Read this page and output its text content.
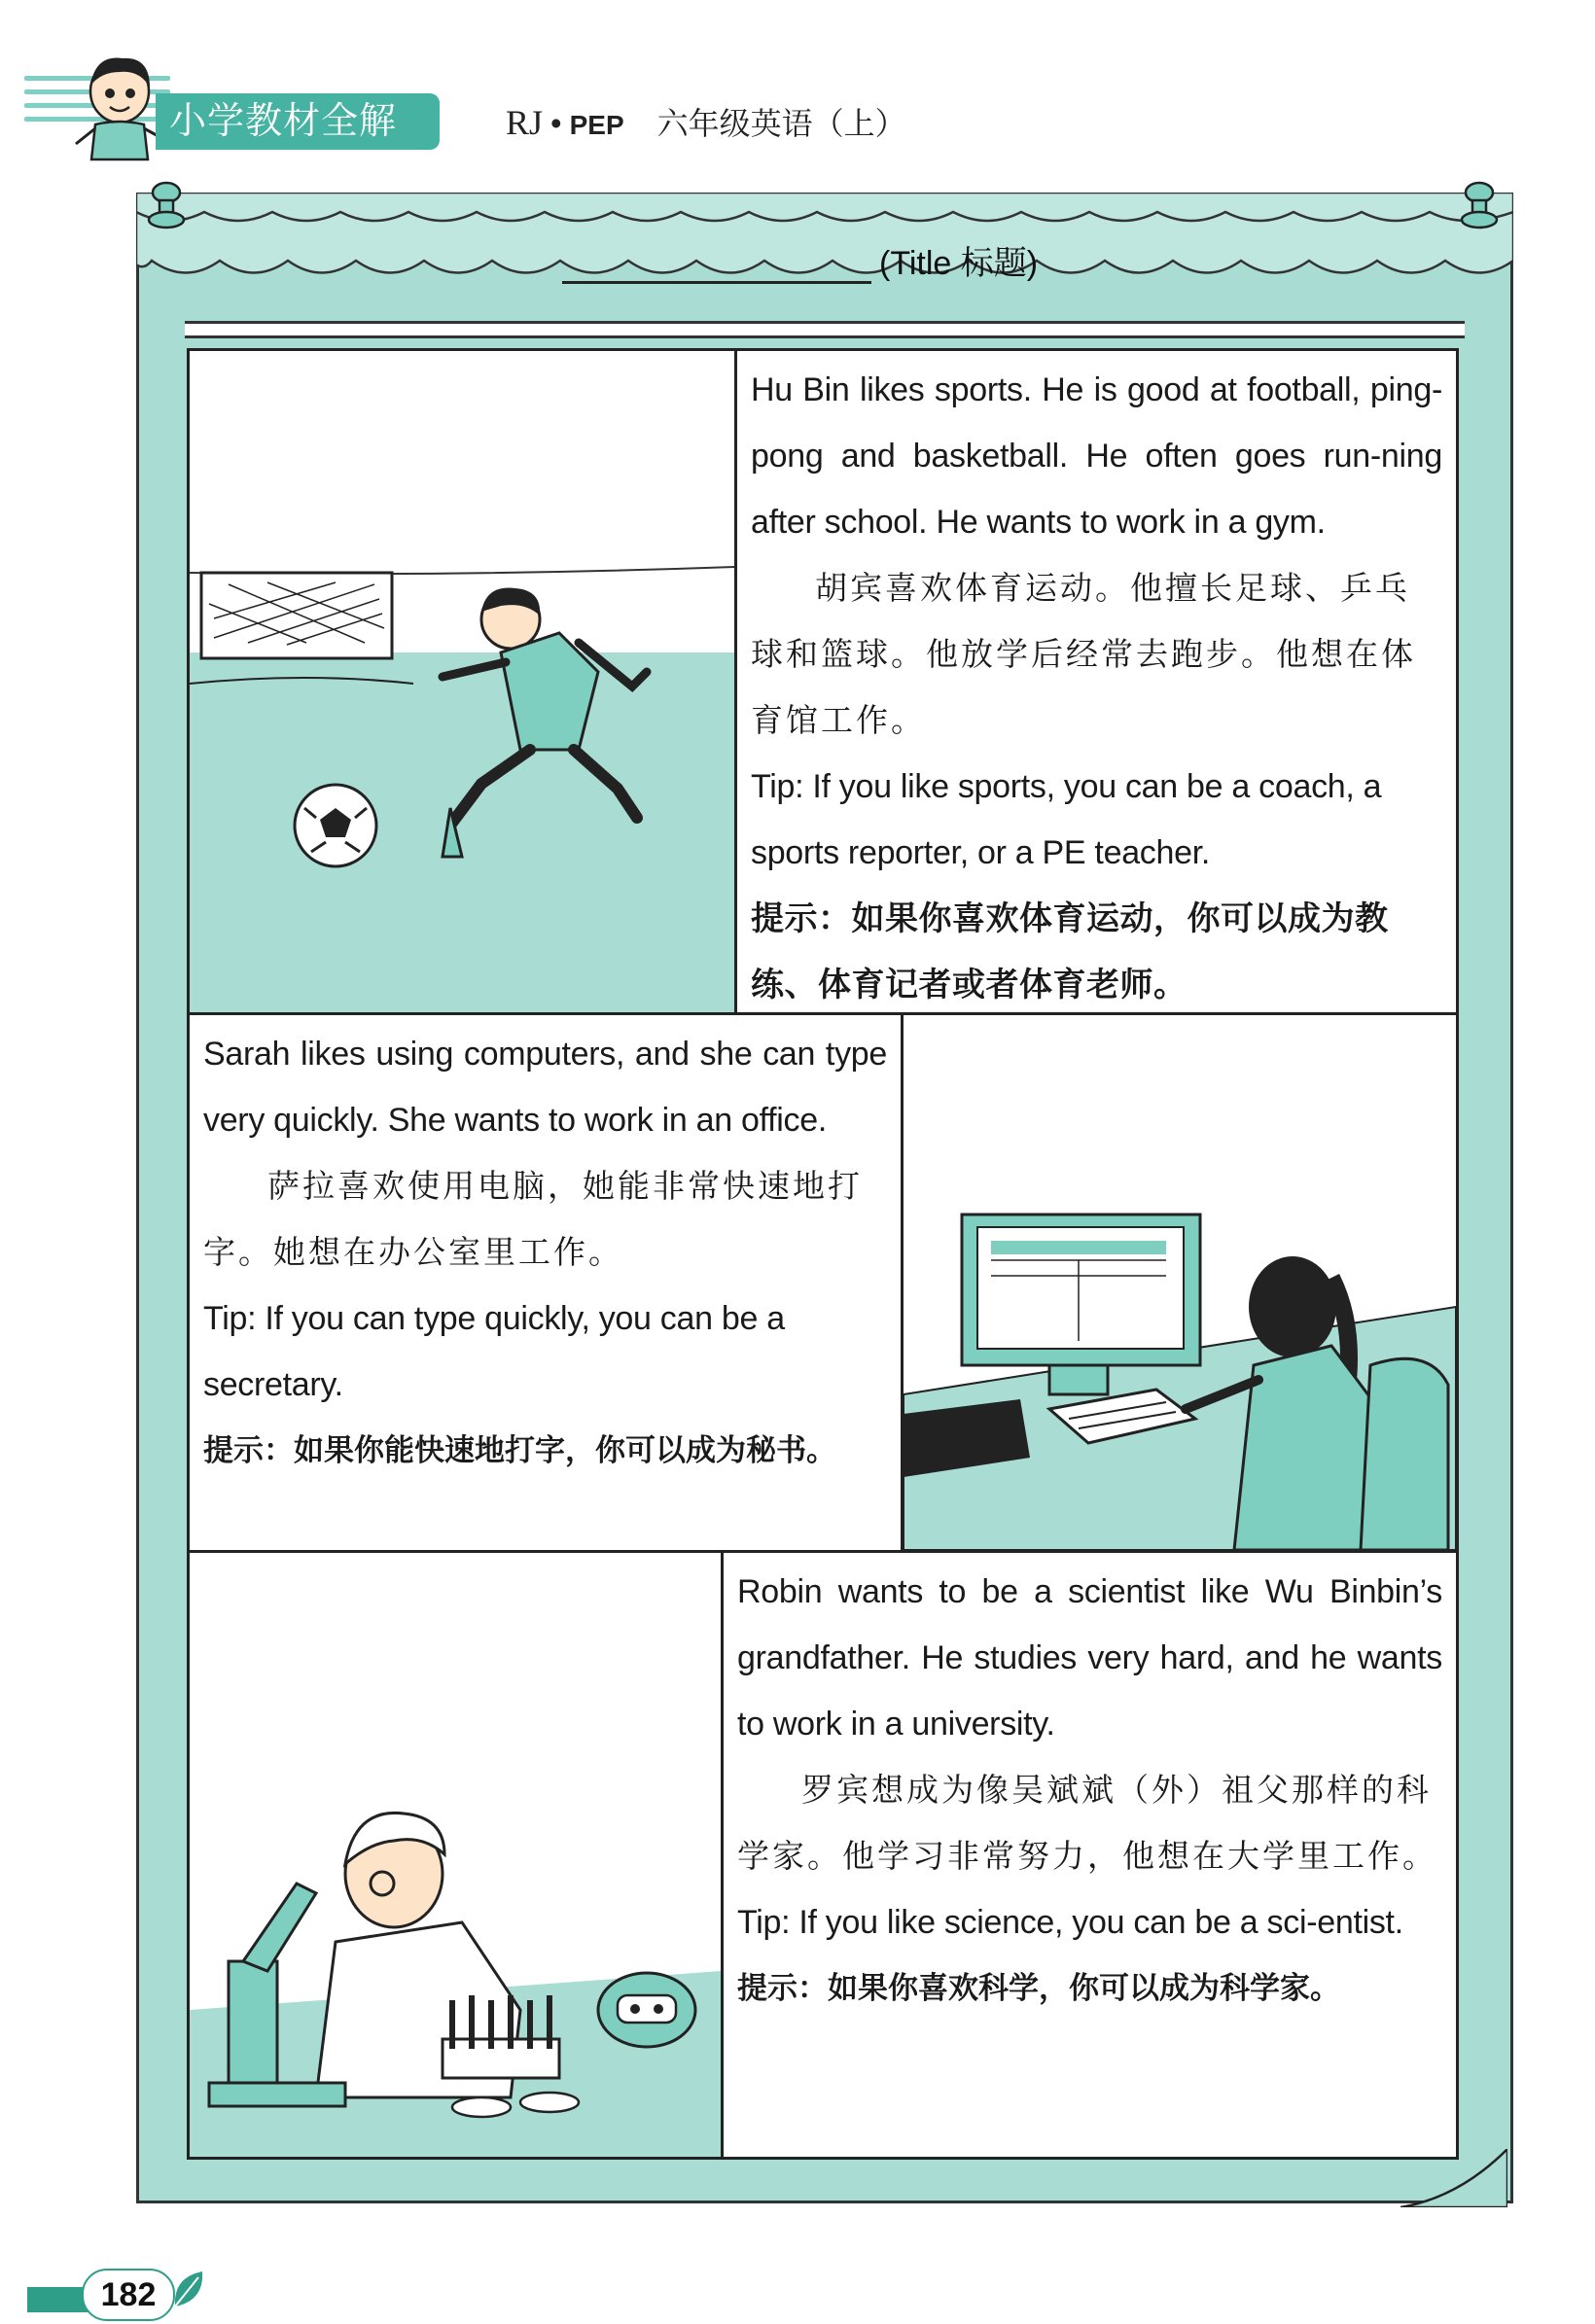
小学教材全解	RJ • PEP 六年级英语（上）
(Title 标题)
Hu Bin likes sports. He is good at football, ping-pong and basketball. He often goes run-ning after school. He wants to work in a gym.
胡宾喜欢体育运动。他擅长足球、乒乓球和篮球。他放学后经常去跑步。他想在体育馆工作。
Tip: If you like sports, you can be a coach, a sports reporter, or a PE teacher.
提示：如果你喜欢体育运动，你可以成为教练、体育记者或者体育老师。
Sarah likes using computers, and she can type very quickly. She wants to work in an office.
萨拉喜欢使用电脑，她能非常快速地打字。她想在办公室里工作。
Tip: If you can type quickly, you can be a secretary.
提示：如果你能快速地打字，你可以成为秘书。
Robin wants to be a scientist like Wu Binbin’s grandfather. He studies very hard, and he wants to work in a university.
罗宾想成为像吴斌斌（外）祖父那样的科学家。他学习非常努力，他想在大学里工作。
Tip: If you like science, you can be a sci-entist.
提示：如果你喜欢科学，你可以成为科学家。
182
